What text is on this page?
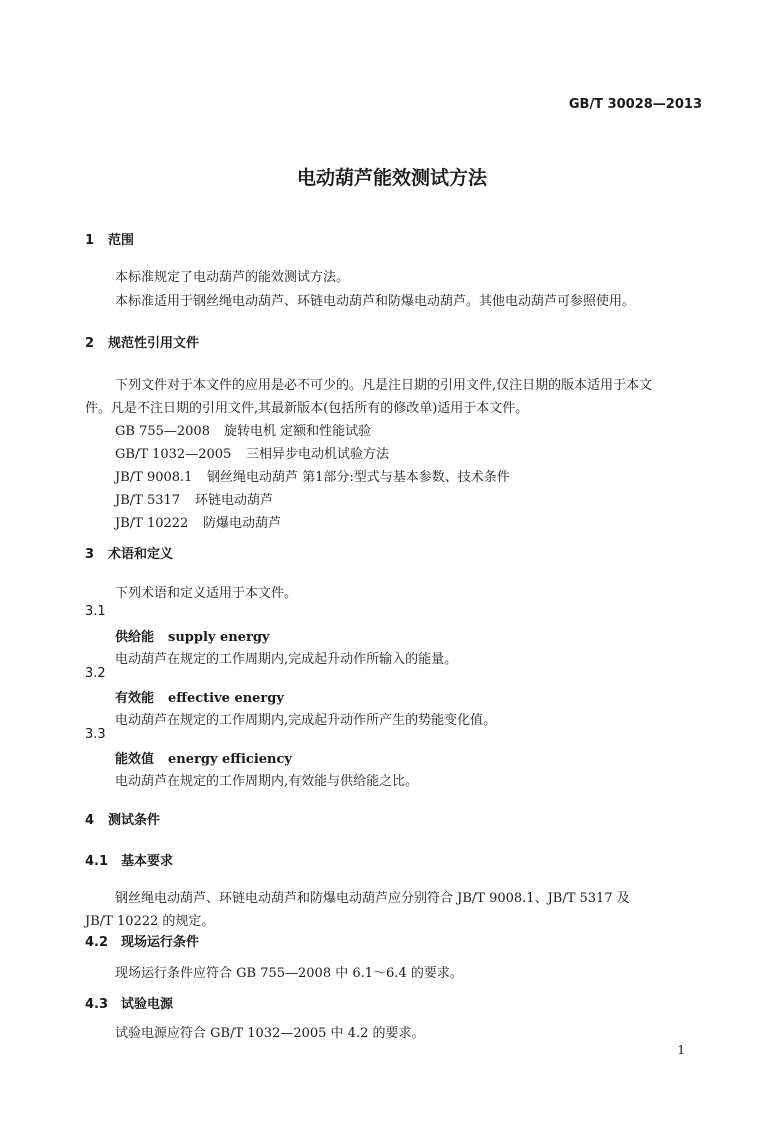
GB/T 30028—2013
电动葫芦能效测试方法
1 范围
本标准规定了电动葫芦的能效测试方法。
本标准适用于钢丝绳电动葫芦、环链电动葫芦和防爆电动葫芦。其他电动葫芦可参照使用。
2 规范性引用文件
下列文件对于本文件的应用是必不可少的。凡是注日期的引用文件,仅注日期的版本适用于本文
件。凡是不注日期的引用文件,其最新版本(包括所有的修改单)适用于本文件。
GB 755—2008 旋转电机 定额和性能试验
GB/T 1032—2005 三相异步电动机试验方法
JB/T 9008.1 钢丝绳电动葫芦 第1部分:型式与基本参数、技术条件
JB/T 5317 环链电动葫芦
JB/T 10222 防爆电动葫芦
3 术语和定义
下列术语和定义适用于本文件。
3.1
供给能 supply energy
电动葫芦在规定的工作周期内,完成起升动作所输入的能量。
3.2
有效能 effective energy
电动葫芦在规定的工作周期内,完成起升动作所产生的势能变化值。
3.3
能效值 energy efficiency
电动葫芦在规定的工作周期内,有效能与供给能之比。
4 测试条件
4.1 基本要求
钢丝绳电动葫芦、环链电动葫芦和防爆电动葫芦应分别符合 JB/T 9008.1、JB/T 5317 及
JB/T 10222 的规定。
4.2 现场运行条件
现场运行条件应符合 GB 755—2008 中 6.1～6.4 的要求。
4.3 试验电源
试验电源应符合 GB/T 1032—2005 中 4.2 的要求。
1
